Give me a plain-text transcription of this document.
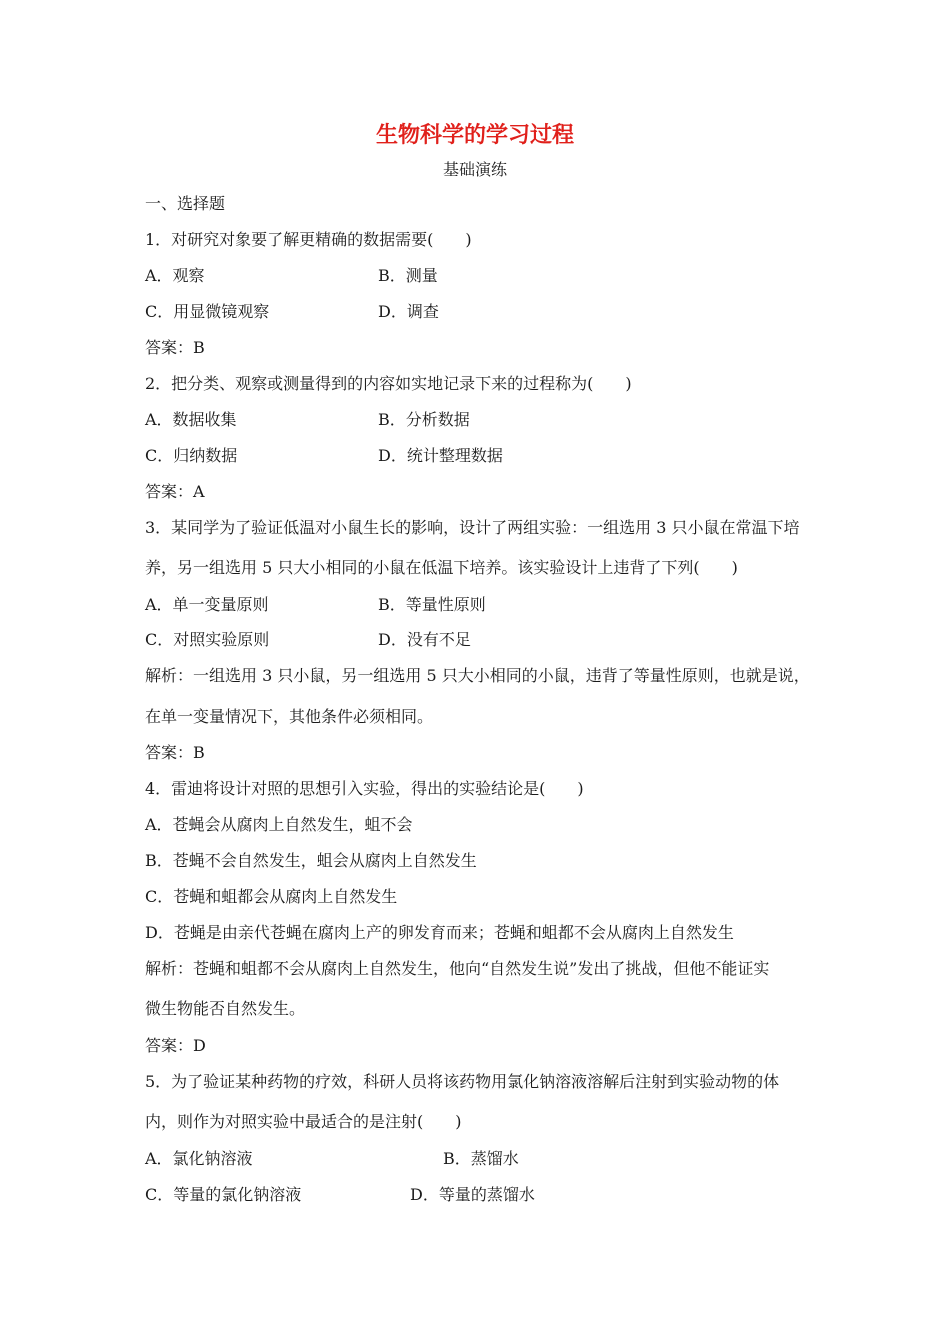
生物科学的学习过程
基础演练
一、选择题
1．对研究对象要了解更精确的数据需要(　　)
A．观察	B．测量
C．用显微镜观察	D．调查
答案：B
2．把分类、观察或测量得到的内容如实地记录下来的过程称为(　　)
A．数据收集	B．分析数据
C．归纳数据	D．统计整理数据
答案：A
3．某同学为了验证低温对小鼠生长的影响，设计了两组实验：一组选用 3 只小鼠在常温下培
养，另一组选用 5 只大小相同的小鼠在低温下培养。该实验设计上违背了下列(　　)
A．单一变量原则	B．等量性原则
C．对照实验原则	D．没有不足
解析：一组选用 3 只小鼠，另一组选用 5 只大小相同的小鼠，违背了等量性原则，也就是说，
在单一变量情况下，其他条件必须相同。
答案：B
4．雷迪将设计对照的思想引入实验，得出的实验结论是(　　)
A．苍蝇会从腐肉上自然发生，蛆不会
B．苍蝇不会自然发生，蛆会从腐肉上自然发生
C．苍蝇和蛆都会从腐肉上自然发生
D．苍蝇是由亲代苍蝇在腐肉上产的卵发育而来；苍蝇和蛆都不会从腐肉上自然发生
解析：苍蝇和蛆都不会从腐肉上自然发生，他向“自然发生说”发出了挑战，但他不能证实
微生物能否自然发生。
答案：D
5．为了验证某种药物的疗效，科研人员将该药物用氯化钠溶液溶解后注射到实验动物的体
内，则作为对照实验中最适合的是注射(　　)
A．氯化钠溶液	B．蒸馏水
C．等量的氯化钠溶液	D．等量的蒸馏水
